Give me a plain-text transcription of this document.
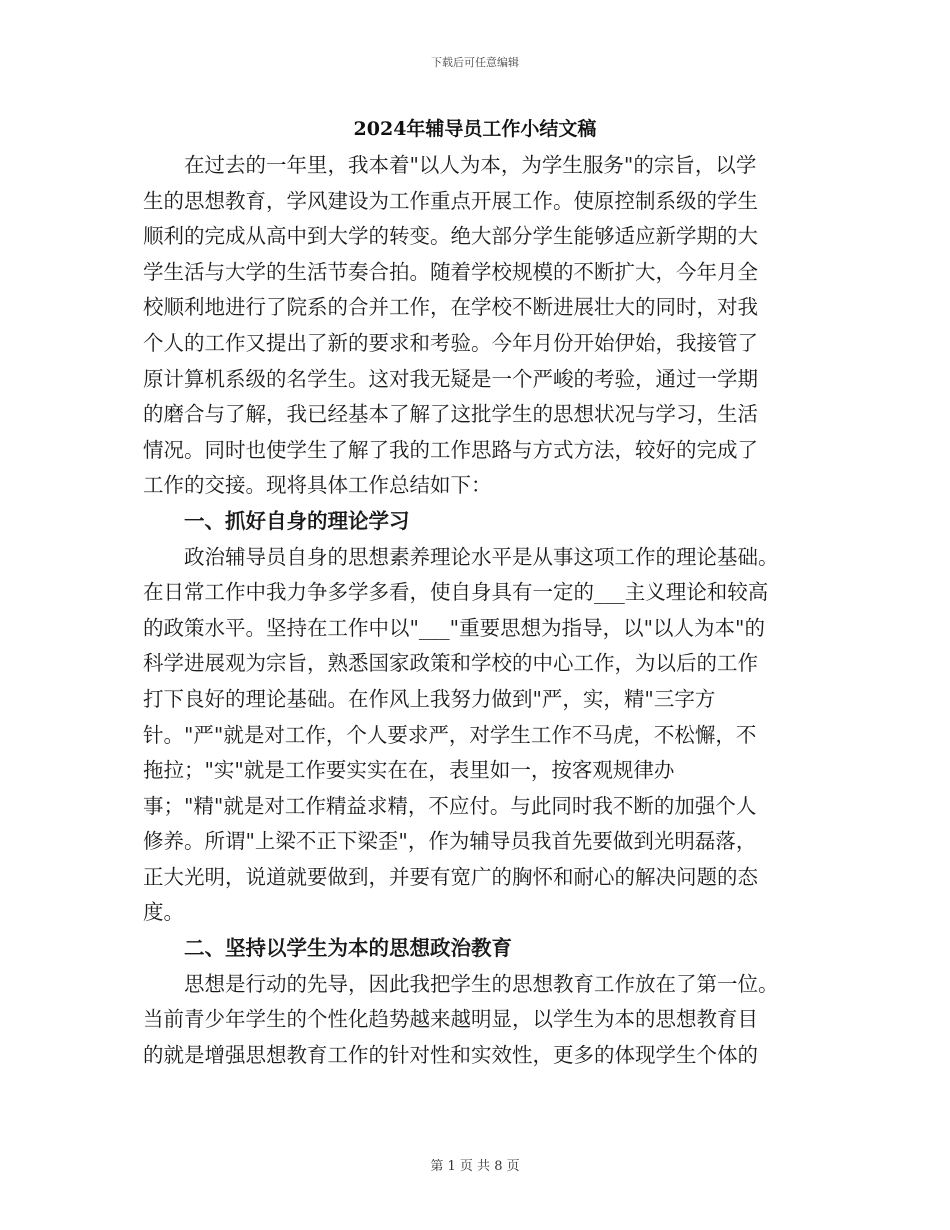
下载后可任意编辑
2024年辅导员工作小结文稿
　　在过去的一年里，我本着"以人为本，为学生服务"的宗旨，以学
生的思想教育，学风建设为工作重点开展工作。使原控制系级的学生
顺利的完成从高中到大学的转变。绝大部分学生能够适应新学期的大
学生活与大学的生活节奏合拍。随着学校规模的不断扩大，今年月全
校顺利地进行了院系的合并工作，在学校不断进展壮大的同时，对我
个人的工作又提出了新的要求和考验。今年月份开始伊始，我接管了
原计算机系级的名学生。这对我无疑是一个严峻的考验，通过一学期
的磨合与了解，我已经基本了解了这批学生的思想状况与学习，生活
情况。同时也使学生了解了我的工作思路与方式方法，较好的完成了
工作的交接。现将具体工作总结如下：
　　一、抓好自身的理论学习
　　政治辅导员自身的思想素养理论水平是从事这项工作的理论基础。
在日常工作中我力争多学多看，使自身具有一定的___主义理论和较高
的政策水平。坚持在工作中以"___"重要思想为指导，以"以人为本"的
科学进展观为宗旨，熟悉国家政策和学校的中心工作，为以后的工作
打下良好的理论基础。在作风上我努力做到"严，实，精"三字方
针。"严"就是对工作，个人要求严，对学生工作不马虎，不松懈，不
拖拉；"实"就是工作要实实在在，表里如一，按客观规律办
事；"精"就是对工作精益求精，不应付。与此同时我不断的加强个人
修养。所谓"上梁不正下梁歪"，作为辅导员我首先要做到光明磊落，
正大光明，说道就要做到，并要有宽广的胸怀和耐心的解决问题的态
度。
　　二、坚持以学生为本的思想政治教育
　　思想是行动的先导，因此我把学生的思想教育工作放在了第一位。
当前青少年学生的个性化趋势越来越明显，以学生为本的思想教育目
的就是增强思想教育工作的针对性和实效性，更多的体现学生个体的
第 1 页 共 8 页
